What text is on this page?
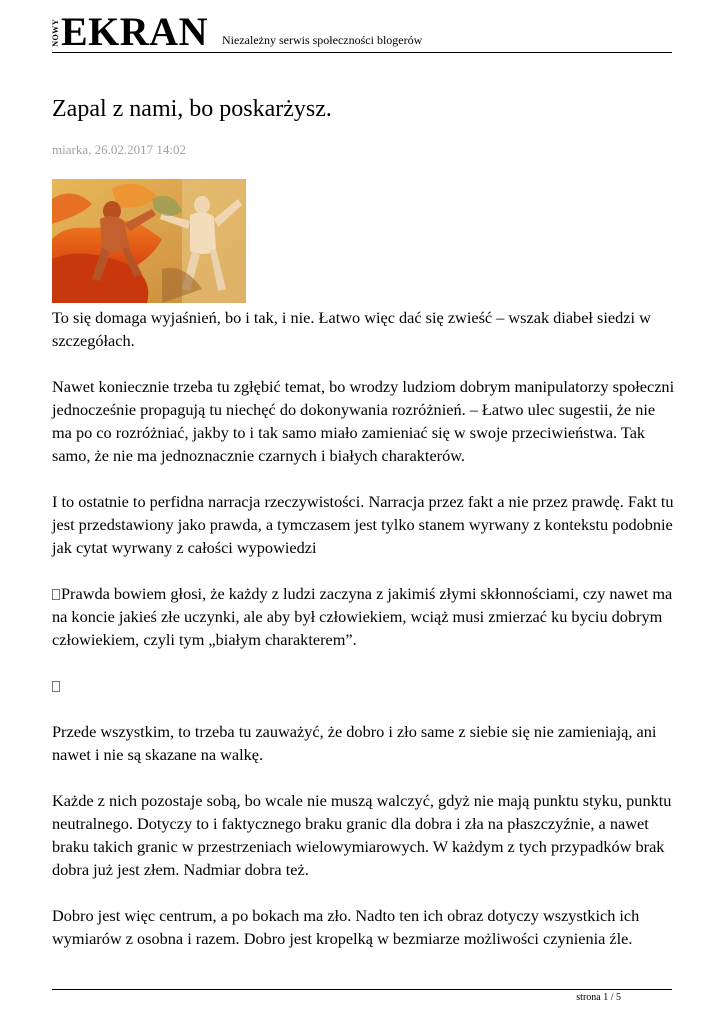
NOWY EKRAN Niezależny serwis społeczności blogerów
Zapal z nami, bo poskarżysz.
miarka, 26.02.2017 14:02

To się domaga wyjaśnień, bo i tak, i nie. Łatwo więc dać się zwieść – wszak diabeł siedzi w szczegółach.

Nawet koniecznie trzeba tu zgłębić temat, bo wrodzy ludziom dobrym manipulatorzy społeczni jednocześnie propagują tu niechęć do dokonywania rozróżnień. – Łatwo ulec sugestii, że nie ma po co rozróżniać, jakby to i tak samo miało zamieniać się w swoje przeciwieństwa. Tak samo, że nie ma jednoznacznie czarnych i białych charakterów.

I to ostatnie to perfidna narracja rzeczywistości. Narracja przez fakt a nie przez prawdę. Fakt tu jest przedstawiony jako prawda, a tymczasem jest tylko stanem wyrwany z kontekstu podobnie jak cytat wyrwany z całości wypowiedzi

Prawda bowiem głosi, że każdy z ludzi zaczyna z jakimiś złymi skłonnościami, czy nawet ma na koncie jakieś złe uczynki, ale aby był człowiekiem, wciąż musi zmierzać ku byciu dobrym człowiekiem, czyli tym „białym charakterem”.

Przede wszystkim, to trzeba tu zauważyć, że dobro i zło same z siebie się nie zamieniają, ani nawet i nie są skazane na walkę.

Każde z nich pozostaje sobą, bo wcale nie muszą walczyć, gdyż nie mają punktu styku, punktu neutralnego. Dotyczy to i faktycznego braku granic dla dobra i zła na płaszczyźnie, a nawet braku takich granic w przestrzeniach wielowymiarowych. W każdym z tych przypadków brak dobra już jest złem. Nadmiar dobra też.

Dobro jest więc centrum, a po bokach ma zło. Nadto ten ich obraz dotyczy wszystkich ich wymiarów z osobna i razem. Dobro jest kropelką w bezmiarze możliwości czynienia źle.

strona 1 / 5
